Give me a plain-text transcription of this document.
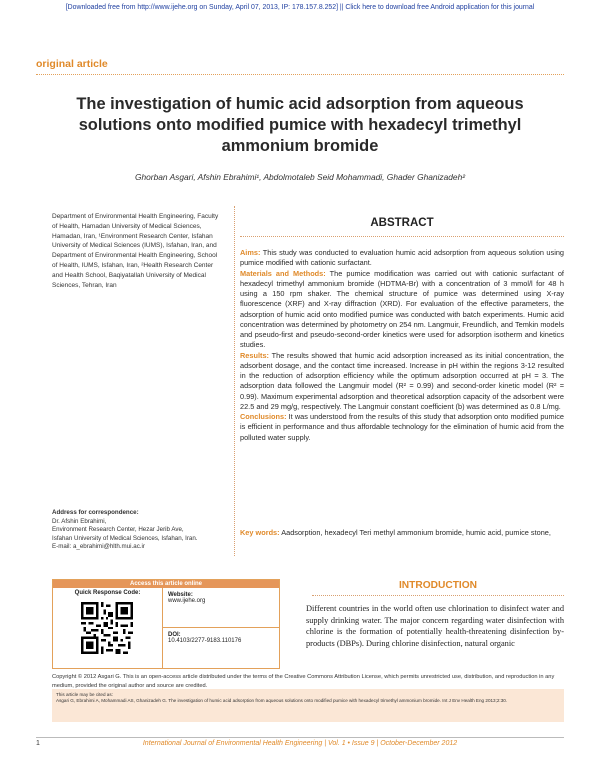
[Downloaded free from http://www.ijehe.org on Sunday, April 07, 2013, IP: 178.157.8.252] || Click here to download free Android application for this journal
original article
The investigation of humic acid adsorption from aqueous solutions onto modified pumice with hexadecyl trimethyl ammonium bromide
Ghorban Asgari, Afshin Ebrahimi¹, Abdolmotaleb Seid Mohammadi, Ghader Ghanizadeh²
Department of Environmental Health Engineering, Faculty of Health, Hamadan University of Medical Sciences, Hamadan, Iran, ¹Environment Research Center, Isfahan University of Medical Sciences (IUMS), Isfahan, Iran, and Department of Environmental Health Engineering, School of Health, IUMS, Isfahan, Iran, ²Health Research Center and Health School, Baqiyatallah University of Medical Sciences, Tehran, Iran
ABSTRACT

Aims: This study was conducted to evaluation humic acid adsorption from aqueous solution using pumice modified with cationic surfactant.

Materials and Methods: The pumice modification was carried out with cationic surfactant of hexadecyl trimethyl ammonium bromide (HDTMA-Br) with a concentration of 3 mmol/l for 48 h using a 150 rpm shaker. The chemical structure of pumice was determined using X-ray fluorescence (XRF) and X-ray diffraction (XRD). For evaluation of the effective parameters, the adsorption of humic acid onto modified pumice was conducted with batch experiments. Humic acid concentration was determined by photometry on 254 nm. Langmuir, Freundlich, and Temkin models and pseudo-first and pseudo-second-order kinetics were used for adsorption isotherm and kinetics studies.

Results: The results showed that humic acid adsorption increased as its initial concentration, the adsorbent dosage, and the contact time increased. Increase in pH within the regions 3-12 resulted in the reduction of adsorption efficiency while the optimum adsorption occurred at pH = 3. The adsorption data followed the Langmuir model (R² = 0.99) and second-order kinetic model (R² = 0.99). Maximum experimental adsorption and theoretical adsorption capacity of the adsorbent were 22.5 and 29 mg/g, respectively. The Langmuir constant coefficient (b) was determined as 0.8 L/mg.

Conclusions: It was understood from the results of this study that adsorption onto modified pumice is efficient in performance and thus affordable technology for the elimination of humic acid from the polluted water supply.

Key words: Aadsorption, hexadecyl Teri methyl ammonium bromide, humic acid, pumice stone,
Address for correspondence:
Dr. Afshin Ebrahimi,
Environment Research Center, Hezar Jerib Ave,
Isfahan University of Medical Sciences, Isfahan, Iran.
E-mail: a_ebrahimi@hlth.mui.ac.ir
Access this article online
Quick Response Code:	Website:
www.ijehe.org
DOI:
10.4103/2277-9183.110176
INTRODUCTION
Different countries in the world often use chlorination to disinfect water and supply drinking water. The major concern regarding water disinfection with chlorine is the formation of potentially health-threatening disinfection by-products (DBPs). During chlorine disinfection, natural organic
Copyright © 2012 Asgari G. This is an open-access article distributed under the terms of the Creative Commons Attribution License, which permits unrestricted use, distribution, and reproduction in any medium, provided the original author and source are credited.
This article may be cited as:
Asgari G, Ebrahimi A, Mohammadi AS, Ghanizadeh G. The investigation of humic acid adsorption from aqueous solutions onto modified pumice with hexadecyl trimethyl ammonium bromide. Int J Env Health Eng 2013;2:30.
1	International Journal of Environmental Health Engineering | Vol. 1 • Issue 9 | October-December 2012
